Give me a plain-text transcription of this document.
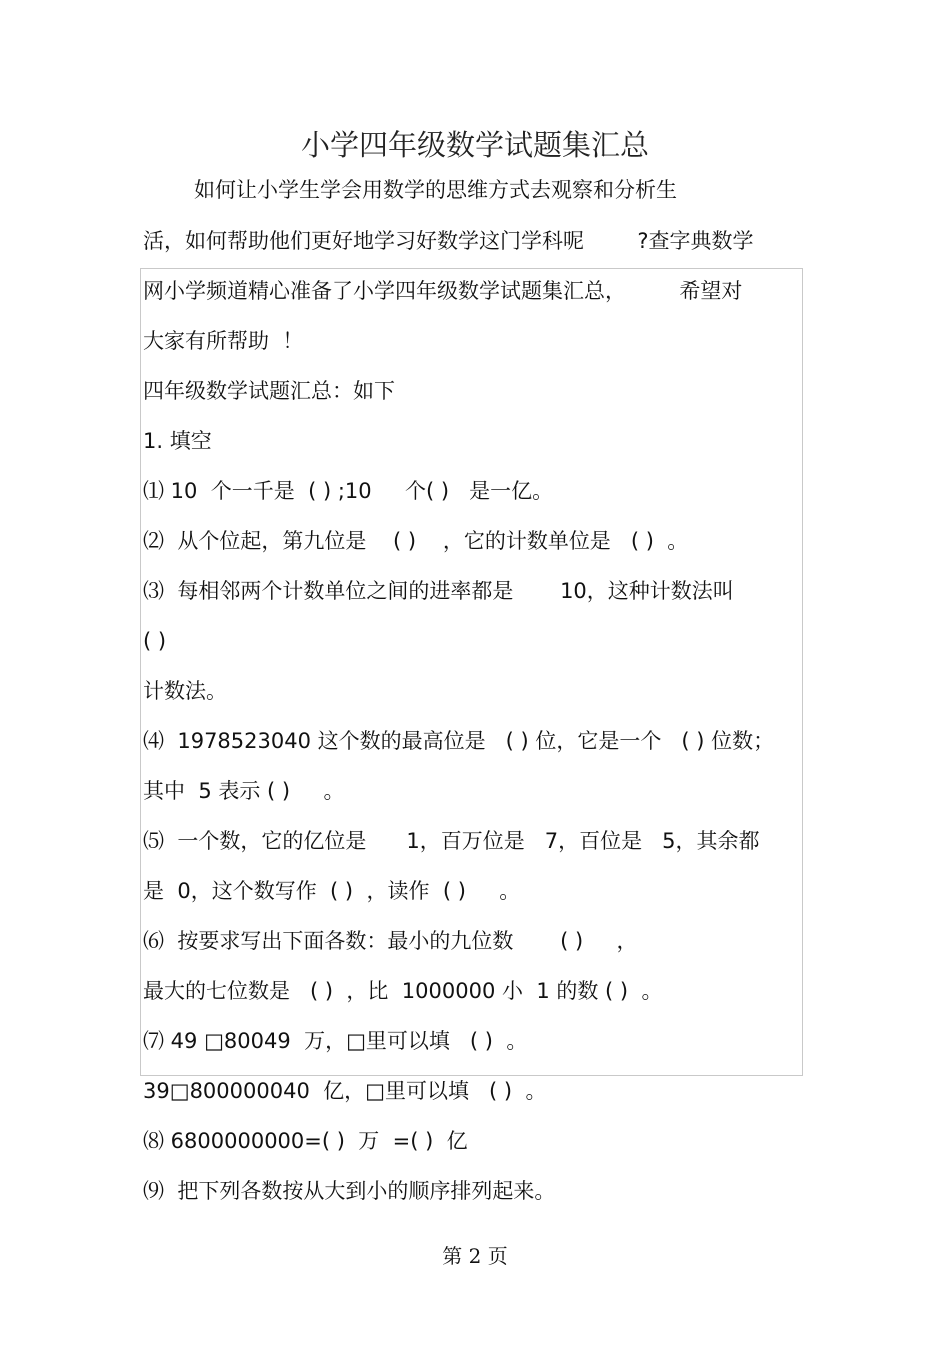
小学四年级数学试题集汇总
如何让小学生学会用数学的思维方式去观察和分析生
活，如何帮助他们更好地学习好数学这门学科呢        ?查字典数学
网小学频道精心准备了小学四年级数学试题集汇总，        希望对
大家有所帮助  ！
四年级数学试题汇总：如下
1. 填空
⑴ 10  个一千是  ( ) ;10     个( )   是一亿。
⑵  从个位起，第九位是    ( )    ，它的计数单位是   ( )  。
⑶  每相邻两个计数单位之间的进率都是       10，这种计数法叫
( )
计数法。
⑷  1978523040 这个数的最高位是   ( ) 位，它是一个   ( ) 位数；
其中  5 表示 ( )     。
⑸  一个数，它的亿位是      1，百万位是   7，百位是   5，其余都
是  0，这个数写作  ( )  ，读作  ( )     。
⑹  按要求写出下面各数：最小的九位数       ( )     ，
最大的七位数是   ( )  ，比  1000000 小  1 的数 ( )  。
⑺ 49 □80049  万，□里可以填   ( )  。
39□800000040  亿，□里可以填   ( )  。
⑻ 6800000000=( )  万  =( )  亿
⑼  把下列各数按从大到小的顺序排列起来。
第 2 页
